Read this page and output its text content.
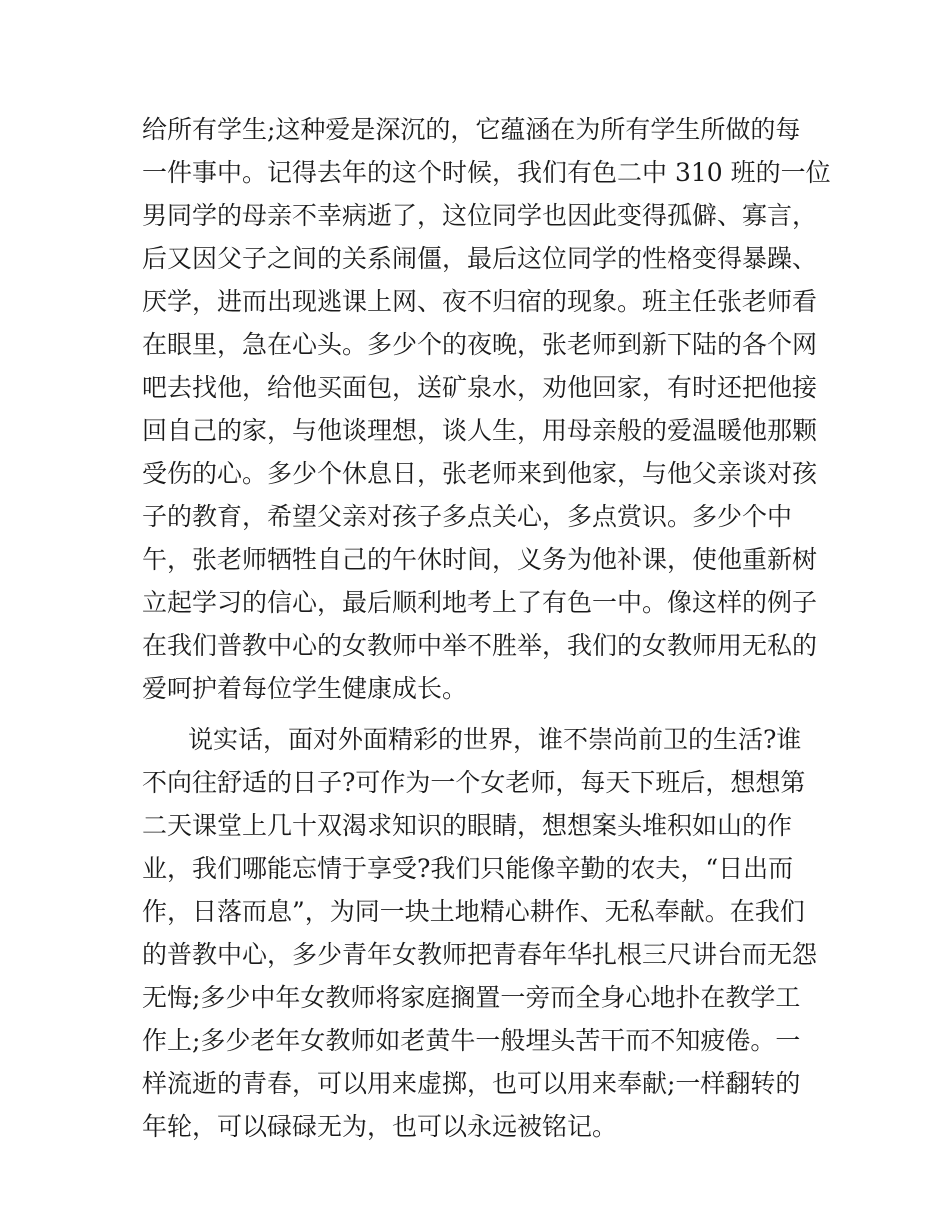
给所有学生;这种爱是深沉的，它蕴涵在为所有学生所做的每
一件事中。记得去年的这个时候，我们有色二中 310 班的一位
男同学的母亲不幸病逝了，这位同学也因此变得孤僻、寡言，
后又因父子之间的关系闹僵，最后这位同学的性格变得暴躁、
厌学，进而出现逃课上网、夜不归宿的现象。班主任张老师看
在眼里，急在心头。多少个的夜晚，张老师到新下陆的各个网
吧去找他，给他买面包，送矿泉水，劝他回家，有时还把他接
回自己的家，与他谈理想，谈人生，用母亲般的爱温暖他那颗
受伤的心。多少个休息日，张老师来到他家，与他父亲谈对孩
子的教育，希望父亲对孩子多点关心，多点赏识。多少个中
午，张老师牺牲自己的午休时间，义务为他补课，使他重新树
立起学习的信心，最后顺利地考上了有色一中。像这样的例子
在我们普教中心的女教师中举不胜举，我们的女教师用无私的
爱呵护着每位学生健康成长。
说实话，面对外面精彩的世界，谁不崇尚前卫的生活?谁
不向往舒适的日子?可作为一个女老师，每天下班后，想想第
二天课堂上几十双渴求知识的眼睛，想想案头堆积如山的作
业，我们哪能忘情于享受?我们只能像辛勤的农夫，“日出而
作，日落而息”，为同一块土地精心耕作、无私奉献。在我们
的普教中心，多少青年女教师把青春年华扎根三尺讲台而无怨
无悔;多少中年女教师将家庭搁置一旁而全身心地扑在教学工
作上;多少老年女教师如老黄牛一般埋头苦干而不知疲倦。一
样流逝的青春，可以用来虚掷，也可以用来奉献;一样翻转的
年轮，可以碌碌无为，也可以永远被铭记。
